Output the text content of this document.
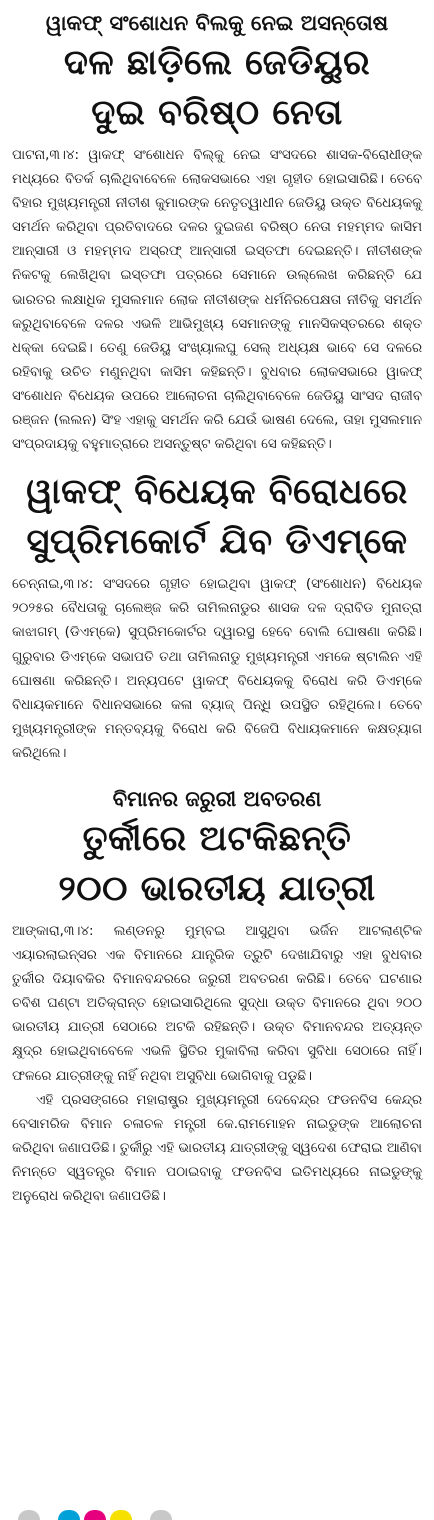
ୱାକଫ୍ ସଂଶୋଧନ ବିଲକୁ ନେଇ ଅସନ୍ତୋଷ
ଦଳ ଛାଡ଼ିଲେ ଜେଡିୟୁର
ଦୁଇ ବରିଷ୍ଠ ନେତା

ପାଟନା,୩।୪: ୱାକଫ୍ ସଂଶୋଧନ ବିଲ୍‌କୁ ନେଇ ସଂସଦରେ ଶାସକ-ବିରୋଧୀଙ୍କ ମଧ୍ୟରେ ବିତର୍କ ଚାଲିଥିବାବେଳେ ଲୋକସଭାରେ ଏହା ଗୃହୀତ ହୋଇସାରିଛି। ତେବେ ବିହାର ମୁଖ୍ୟମନ୍ତ୍ରୀ ନୀତୀଶ କୁମାରଙ୍କ ନେତୃତ୍ୱାଧୀନ ଜେଡିୟୁ ଉକ୍ତ ବିଧେୟକକୁ ସମର୍ଥନ କରିଥିବା ପ୍ରତିବାଦରେ ଦଳର ଦୁଇଜଣ ବରିଷ୍ଠ ନେତା ମହମ୍ମଦ କାସିମ ଆନ୍‌ସାରୀ ଓ ମହମ୍ମଦ ଅସ୍ରଫ୍ ଆନ୍‌ସାରୀ ଇସ୍ତଫା ଦେଇଛନ୍ତି। ନୀତୀଶଙ୍କ ନିକଟକୁ ଲେଖିଥିବା ଇସ୍ତଫା ପତ୍ରରେ ସେମାନେ ଉଲ୍ଲେଖ କରିଛନ୍ତି ଯେ ଭାରତର ଲକ୍ଷାଧିକ ମୁସଲମାନ ଲୋକ ନୀତୀଶଙ୍କ ଧର୍ମନିରପେକ୍ଷତା ନୀତିକୁ ସମର୍ଥନ କରୁଥିବାବେଳେ ଦଳର ଏଭଳି ଆଭିମୁଖ୍ୟ ସେମାନଙ୍କୁ ମାନସିକସ୍ତରରେ ଶକ୍ତ ଧକ୍କା ଦେଇଛି। ତେଣୁ ଜେଡିୟୁ ସଂଖ୍ୟାଲଘୁ ସେଲ୍ ଅଧ୍ୟକ୍ଷ ଭାବେ ସେ ଦଳରେ ରହିବାକୁ ଉଚିତ ମଣୁନଥିବା କାସିମ କହିଛନ୍ତି। ବୁଧବାର ଲୋକସଭାରେ ୱାକଫ୍ ସଂଶୋଧନ ବିଧେୟକ ଉପରେ ଆଲୋଚନା ଚାଲିଥିବାବେଳେ ଜେଡିୟୁ ସାଂସଦ ରାଜୀବ ରଞ୍ଜନ (ଲଲନ) ସିଂହ ଏହାକୁ ସମର୍ଥନ କରି ଯେଉଁ ଭାଷଣ ଦେଲେ, ତାହା ମୁସଲମାନ ସଂପ୍ରଦାୟକୁ ବହୁମାତ୍ରାରେ ଅସନ୍ତୁଷ୍ଟ କରିଥିବା ସେ କହିଛନ୍ତି।

ୱାକଫ୍ ବିଧେୟକ ବିରୋଧରେ
ସୁପ୍ରିମକୋର୍ଟ ଯିବ ଡିଏମ୍‌କେ

ଚେନ୍ନାଇ,୩।୪: ସଂସଦରେ ଗୃହୀତ ହୋଇଥିବା ୱାକଫ୍ (ସଂଶୋଧନ) ବିଧେୟକ ୨୦୨୫ର ବୈଧତାକୁ ଚାଲେଞ୍ଜ କରି ତାମିଲନାଡୁର ଶାସକ ଦଳ ଦ୍ରାବିଡ ମୁନାତ୍ରା କାଝାଗମ୍ (ଡିଏମ୍‌କେ) ସୁପ୍ରିମକୋର୍ଟର ଦ୍ୱାରସ୍ଥ ହେବେ ବୋଲି ଘୋଷଣା କରିଛି। ଗୁରୁବାର ଡିଏମ୍‌କେ ସଭାପତି ତଥା ତାମିଲନାଡୁ ମୁଖ୍ୟମନ୍ତ୍ରୀ ଏମକେ ଷ୍ଟାଲିନ ଏହି ଘୋଷଣା କରିଛନ୍ତି। ଅନ୍ୟପଟେ ୱାକଫ୍ ବିଧେୟକକୁ ବିରୋଧ କରି ଡିଏମ୍‌କେ ବିଧାୟକମାନେ ବିଧାନସଭାରେ କଳା ବ୍ୟାଜ୍ ପିନ୍ଧି ଉପସ୍ଥିତ ରହିଥିଲେ। ତେବେ ମୁଖ୍ୟମନ୍ତ୍ରୀଙ୍କ ମନ୍ତବ୍ୟକୁ ବିରୋଧ କରି ବିଜେପି ବିଧାୟକମାନେ କକ୍ଷତ୍ୟାଗ କରିଥିଲେ।

ବିମାନର ଜରୁରୀ ଅବତରଣ
ତୁର୍କୀରେ ଅଟକିଛନ୍ତି
୨୦୦ ଭାରତୀୟ ଯାତ୍ରୀ

ଆଙ୍କାରା,୩।୪: ଲଣ୍ଡନରୁ ମୁମ୍ବଇ ଆସୁଥିବା ଭର୍ଜିନ ଆଟଲାଣ୍ଟିକ ଏୟାରଲାଇନ୍ସର ଏକ ବିମାନରେ ଯାନ୍ତ୍ରିକ ତ୍ରୁଟି ଦେଖାଯିବାରୁ ଏହା ବୁଧବାର ତୁର୍କୀର ଦିୟାବକିର ବିମାନବନ୍ଦରରେ ଜରୁରୀ ଅବତରଣ କରିଛି। ତେବେ ଘଟଣାର ଚବିଶ ଘଣ୍ଟା ଅତିକ୍ରାନ୍ତ ହୋଇସାରିଥିଲେ ସୁଦ୍ଧା ଉକ୍ତ ବିମାନରେ ଥିବା ୨୦୦ ଭାରତୀୟ ଯାତ୍ରୀ ସେଠାରେ ଅଟକି ରହିଛନ୍ତି। ଉକ୍ତ ବିମାନବନ୍ଦର ଅତ୍ୟନ୍ତ କ୍ଷୁଦ୍ର ହୋଇଥିବାବେଳେ ଏଭଳି ସ୍ଥିତିର ମୁକାବିଲା କରିବା ସୁବିଧା ସେଠାରେ ନାହିଁ। ଫଳରେ ଯାତ୍ରୀଙ୍କୁ ନାହିଁ ନଥିବା ଅସୁବିଧା ଭୋଗିବାକୁ ପଡୁଛି।

ଏହି ପ୍ରସଙ୍ଗରେ ମହାରାଷ୍ଟ୍ର ମୁଖ୍ୟମନ୍ତ୍ରୀ ଦେବେନ୍ଦ୍ର ଫଡନବିସ କେନ୍ଦ୍ର ବେସାମରିକ ବିମାନ ଚଳାଚଳ ମନ୍ତ୍ରୀ କେ.ରାମମୋହନ ନାଇଡୁଙ୍କ ଆଲୋଚନା କରିଥିବା ଜଣାପଡିଛି। ତୁର୍କୀରୁ ଏହି ଭାରତୀୟ ଯାତ୍ରୀଙ୍କୁ ସ୍ୱଦେଶ ଫେରାଇ ଆଣିବା ନିମନ୍ତେ ସ୍ୱତନ୍ତ୍ର ବିମାନ ପଠାଇବାକୁ ଫଡନବିସ ଇତିମଧ୍ୟରେ ନାଇଡୁଙ୍କୁ ଅନୁରୋଧ କରିଥିବା ଜଣାପଡିଛି।
